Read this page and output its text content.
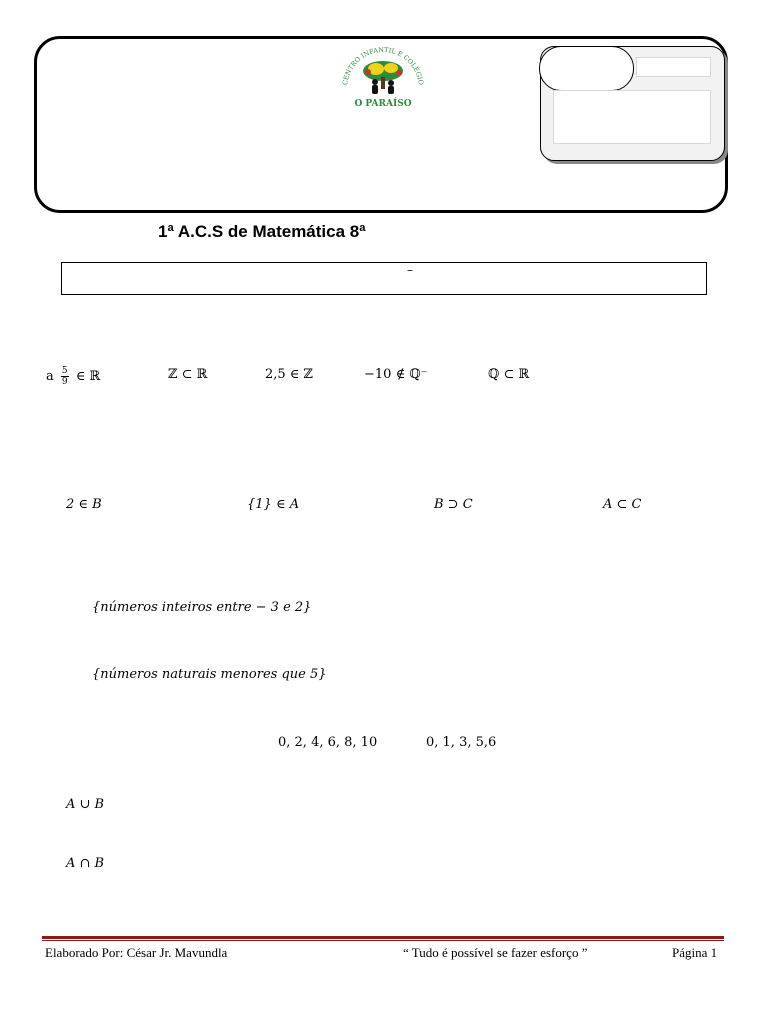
CENTRO INFANTIL E COLÉGIO
O PARAÍSO
1ª A.C.S de Matemática 8ª
–
a $\frac{5}{9}$ ∈ ℝ	ℤ ⊂ ℝ	2,5 ∈ ℤ	−10 ∉ ℚ⁻	ℚ ⊂ ℝ
2 ∈ B	{1} ∈ A	B ⊃ C	A ⊂ C
{números inteiros entre − 3 e 2}
{números naturais menores que 5}
0, 2, 4, 6, 8, 10	0, 1, 3, 5,6
A ∪ B
A ∩ B
Elaborado Por: César Jr. Mavundla	“ Tudo é possível se fazer esforço ”	Página 1
